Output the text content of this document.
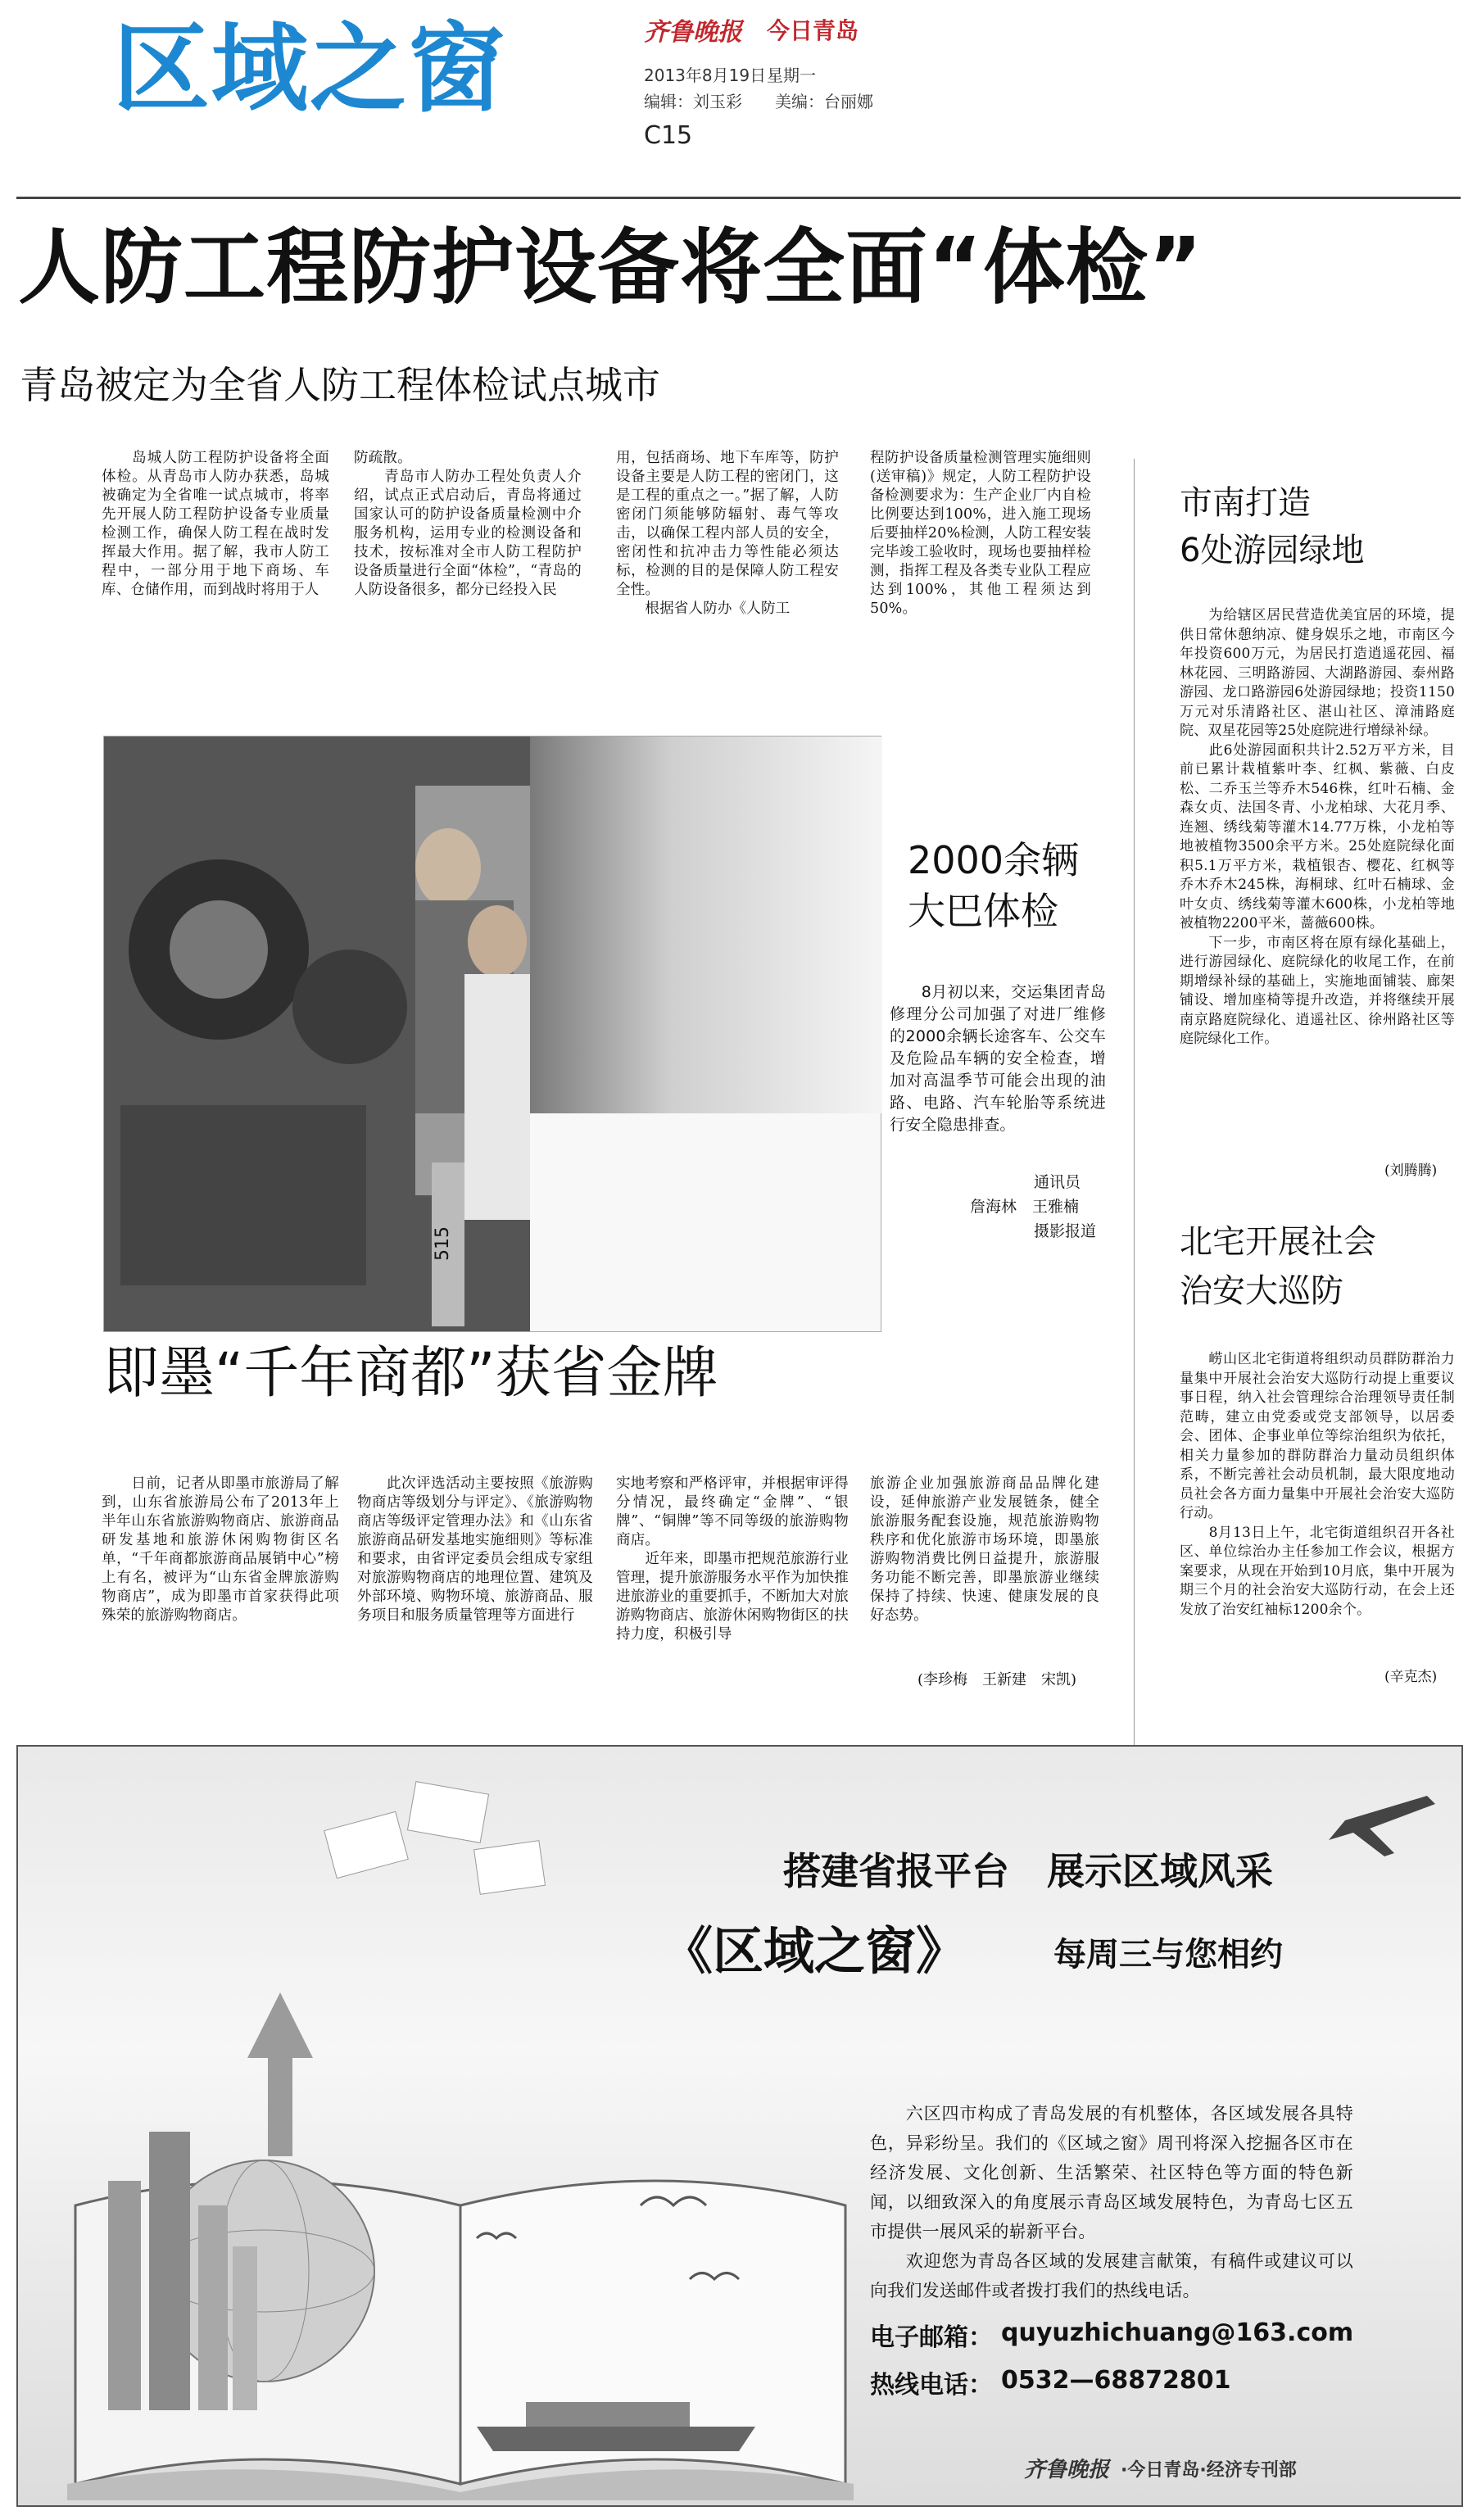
区域之窗	齐鲁晚报 今日青岛
2013年8月19日 星期一
编辑：刘玉彩 美编：台丽娜
C15
人防工程防护设备将全面“体检”
青岛被定为全省人防工程体检试点城市
　　岛城人防工程防护设备将全面体检。从青岛市人防办获悉，岛城被确定为全省唯一试点城市，将率先开展人防工程防护设备专业质量检测工作，确保人防工程在战时发挥最大作用。据了解，我市人防工程中，一部分用于地下商场、车库、仓储作用，而到战时将用于人
防疏散。
　　青岛市人防办工程处负责人介绍，试点正式启动后，青岛将通过国家认可的防护设备质量检测中介服务机构，运用专业的检测设备和技术，按标准对全市人防工程防护设备质量进行全面“体检”，“青岛的人防设备很多，都分已经投入民
用，包括商场、地下车库等，防护设备主要是人防工程的密闭门，这是工程的重点之一。”据了解，人防密闭门须能够防辐射、毒气等攻击，以确保工程内部人员的安全，密闭性和抗冲击力等性能必须达标，检测的目的是保障人防工程安全性。
　　根据省人防办《人防工
程防护设备质量检测管理实施细则(送审稿)》规定，人防工程防护设备检测要求为：生产企业厂内自检比例要达到100%，进入施工现场后要抽样20%检测，人防工程安装完毕竣工验收时，现场也要抽样检测，指挥工程及各类专业队工程应达到100%，其他工程须达到50%。
515
2000余辆
大巴体检
　　8月初以来，交运集团青岛修理分公司加强了对进厂维修的2000余辆长途客车、公交车及危险品车辆的安全检查，增加对高温季节可能会出现的油路、电路、汽车轮胎等系统进行安全隐患排查。
通讯员
詹海林　王雅楠
摄影报道
即墨“千年商都”获省金牌
　　日前，记者从即墨市旅游局了解到，山东省旅游局公布了2013年上半年山东省旅游购物商店、旅游商品研发基地和旅游休闲购物街区名单，“千年商都旅游商品展销中心”榜上有名，被评为“山东省金牌旅游购物商店”，成为即墨市首家获得此项殊荣的旅游购物商店。
　　此次评选活动主要按照《旅游购物商店等级划分与评定》、《旅游购物商店等级评定管理办法》和《山东省旅游商品研发基地实施细则》等标准和要求，由省评定委员会组成专家组对旅游购物商店的地理位置、建筑及外部环境、购物环境、旅游商品、服务项目和服务质量管理等方面进行
实地考察和严格评审，并根据审评得分情况，最终确定“金牌”、“银牌”、“铜牌”等不同等级的旅游购物商店。
　　近年来，即墨市把规范旅游行业管理，提升旅游服务水平作为加快推进旅游业的重要抓手，不断加大对旅游购物商店、旅游休闲购物街区的扶持力度，积极引导
旅游企业加强旅游商品品牌化建设，延伸旅游产业发展链条，健全旅游服务配套设施，规范旅游购物秩序和优化旅游市场环境，即墨旅游购物消费比例日益提升，旅游服务功能不断完善，即墨旅游业继续保持了持续、快速、健康发展的良好态势。
(李珍梅　王新建　宋凯)
市南打造
6处游园绿地
　　为给辖区居民营造优美宜居的环境，提供日常休憩纳凉、健身娱乐之地，市南区今年投资600万元，为居民打造逍遥花园、福林花园、三明路游园、大湖路游园、泰州路游园、龙口路游园6处游园绿地；投资1150万元对乐清路社区、湛山社区、漳浦路庭院、双星花园等25处庭院进行增绿补绿。
　　此6处游园面积共计2.52万平方米，目前已累计栽植紫叶李、红枫、紫薇、白皮松、二乔玉兰等乔木546株，红叶石楠、金森女贞、法国冬青、小龙柏球、大花月季、连翘、绣线菊等灌木14.77万株，小龙柏等地被植物3500余平方米。25处庭院绿化面积5.1万平方米，栽植银杏、樱花、红枫等乔木乔木245株，海桐球、红叶石楠球、金叶女贞、绣线菊等灌木600株，小龙柏等地被植物2200平米，蔷薇600株。
　　下一步，市南区将在原有绿化基础上，进行游园绿化、庭院绿化的收尾工作，在前期增绿补绿的基础上，实施地面铺装、廊架铺设、增加座椅等提升改造，并将继续开展南京路庭院绿化、逍遥社区、徐州路社区等庭院绿化工作。
(刘腾腾)
北宅开展社会
治安大巡防
　　崂山区北宅街道将组织动员群防群治力量集中开展社会治安大巡防行动提上重要议事日程，纳入社会管理综合治理领导责任制范畴，建立由党委或党支部领导，以居委会、团体、企事业单位等综治组织为依托，相关力量参加的群防群治力量动员组织体系，不断完善社会动员机制，最大限度地动员社会各方面力量集中开展社会治安大巡防行动。
　　8月13日上午，北宅街道组织召开各社区、单位综治办主任参加工作会议，根据方案要求，从现在开始到10月底，集中开展为期三个月的社会治安大巡防行动，在会上还发放了治安红袖标1200余个。
(辛克杰)
搭建省报平台　展示区域风采
《区域之窗》	每周三与您相约
　　六区四市构成了青岛发展的有机整体，各区域发展各具特色，异彩纷呈。我们的《区域之窗》周刊将深入挖掘各区市在经济发展、文化创新、生活繁荣、社区特色等方面的特色新闻，以细致深入的角度展示青岛区域发展特色，为青岛七区五市提供一展风采的崭新平台。
　　欢迎您为青岛各区域的发展建言献策，有稿件或建议可以向我们发送邮件或者拨打我们的热线电话。
电子邮箱： quyuzhichuang@163.com
热线电话： 0532—68872801
齐鲁晚报 ·今日青岛·经济专刊部
